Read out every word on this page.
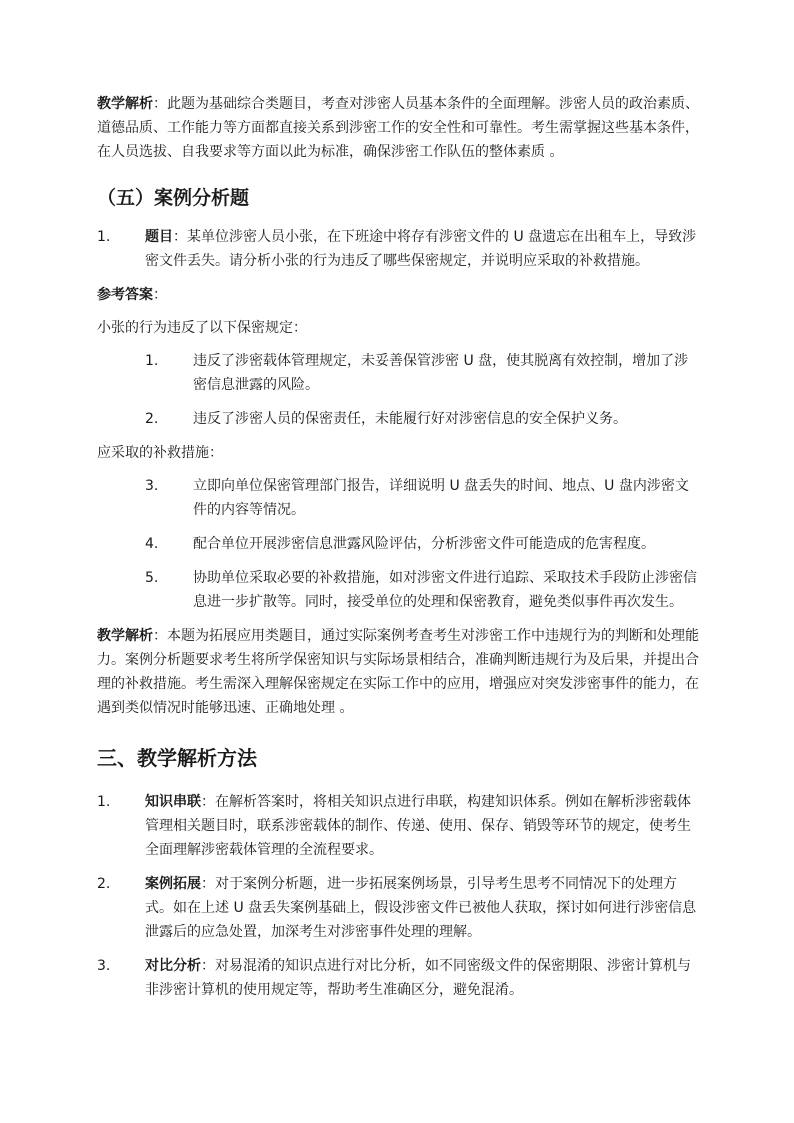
教学解析：此题为基础综合类题目，考查对涉密人员基本条件的全面理解。涉密人员的政治素质、道德品质、工作能力等方面都直接关系到涉密工作的安全性和可靠性。考生需掌握这些基本条件，在人员选拔、自我要求等方面以此为标准，确保涉密工作队伍的整体素质 。

（五）案例分析题
1.	题目：某单位涉密人员小张，在下班途中将存有涉密文件的 U 盘遗忘在出租车上，导致涉密文件丢失。请分析小张的行为违反了哪些保密规定，并说明应采取的补救措施。

参考答案：

小张的行为违反了以下保密规定：

1.	违反了涉密载体管理规定，未妥善保管涉密 U 盘，使其脱离有效控制，增加了涉密信息泄露的风险。
2.	违反了涉密人员的保密责任，未能履行好对涉密信息的安全保护义务。

应采取的补救措施：

3.	立即向单位保密管理部门报告，详细说明 U 盘丢失的时间、地点、U 盘内涉密文件的内容等情况。
4.	配合单位开展涉密信息泄露风险评估，分析涉密文件可能造成的危害程度。
5.	协助单位采取必要的补救措施，如对涉密文件进行追踪、采取技术手段防止涉密信息进一步扩散等。同时，接受单位的处理和保密教育，避免类似事件再次发生。

教学解析：本题为拓展应用类题目，通过实际案例考查考生对涉密工作中违规行为的判断和处理能力。案例分析题要求考生将所学保密知识与实际场景相结合，准确判断违规行为及后果，并提出合理的补救措施。考生需深入理解保密规定在实际工作中的应用，增强应对突发涉密事件的能力，在遇到类似情况时能够迅速、正确地处理 。

三、教学解析方法
1.	知识串联：在解析答案时，将相关知识点进行串联，构建知识体系。例如在解析涉密载体管理相关题目时，联系涉密载体的制作、传递、使用、保存、销毁等环节的规定，使考生全面理解涉密载体管理的全流程要求。
2.	案例拓展：对于案例分析题，进一步拓展案例场景，引导考生思考不同情况下的处理方式。如在上述 U 盘丢失案例基础上，假设涉密文件已被他人获取，探讨如何进行涉密信息泄露后的应急处置，加深考生对涉密事件处理的理解。
3.	对比分析：对易混淆的知识点进行对比分析，如不同密级文件的保密期限、涉密计算机与非涉密计算机的使用规定等，帮助考生准确区分，避免混淆。
